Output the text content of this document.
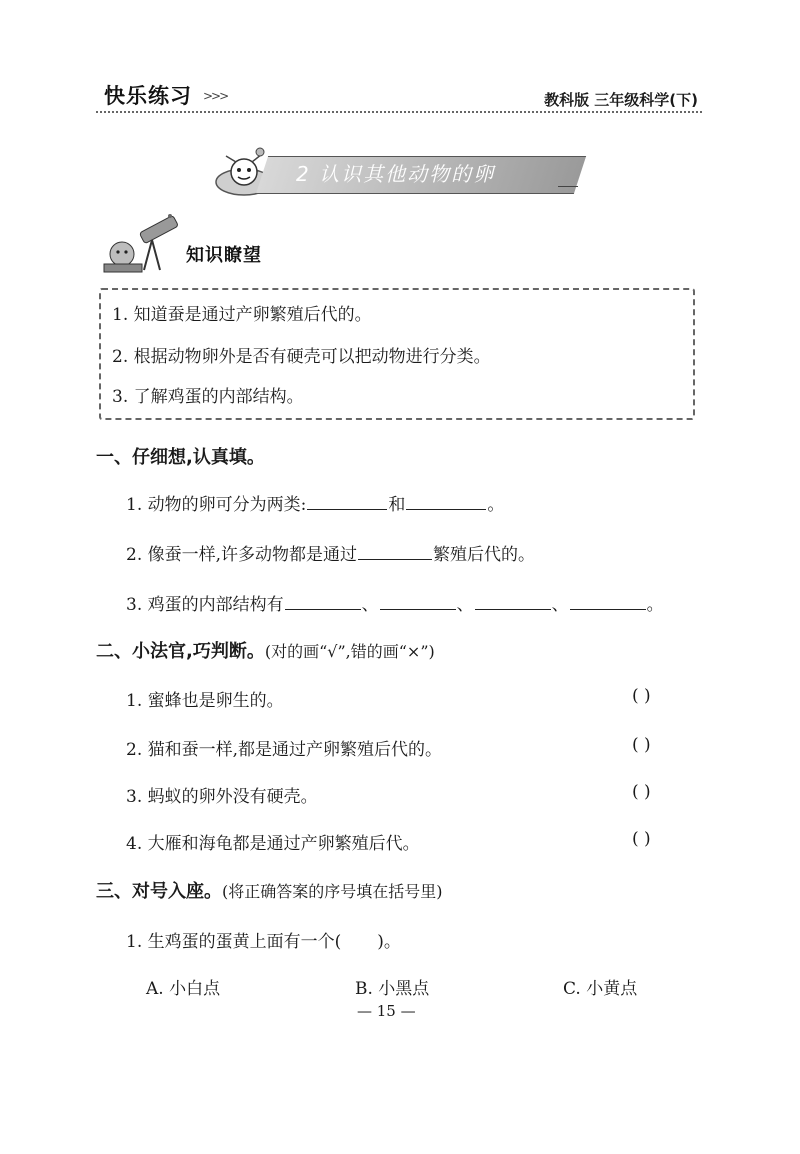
快乐练习 >>>	教科版 三年级科学(下)
2 认识其他动物的卵
知识瞭望
1. 知道蚕是通过产卵繁殖后代的。
2. 根据动物卵外是否有硬壳可以把动物进行分类。
3. 了解鸡蛋的内部结构。
一、仔细想,认真填。
1. 动物的卵可分为两类:	和	。
2. 像蚕一样,许多动物都是通过	繁殖后代的。
3. 鸡蛋的内部结构有	、	、	、	。
二、小法官,巧判断。(对的画“√”,错的画“×”)
1. 蜜蜂也是卵生的。	( )
2. 猫和蚕一样,都是通过产卵繁殖后代的。	( )
3. 蚂蚁的卵外没有硬壳。	( )
4. 大雁和海龟都是通过产卵繁殖后代。	( )
三、对号入座。(将正确答案的序号填在括号里)
1. 生鸡蛋的蛋黄上面有一个( )。
A. 小白点	B. 小黑点	C. 小黄点
— 15 —
